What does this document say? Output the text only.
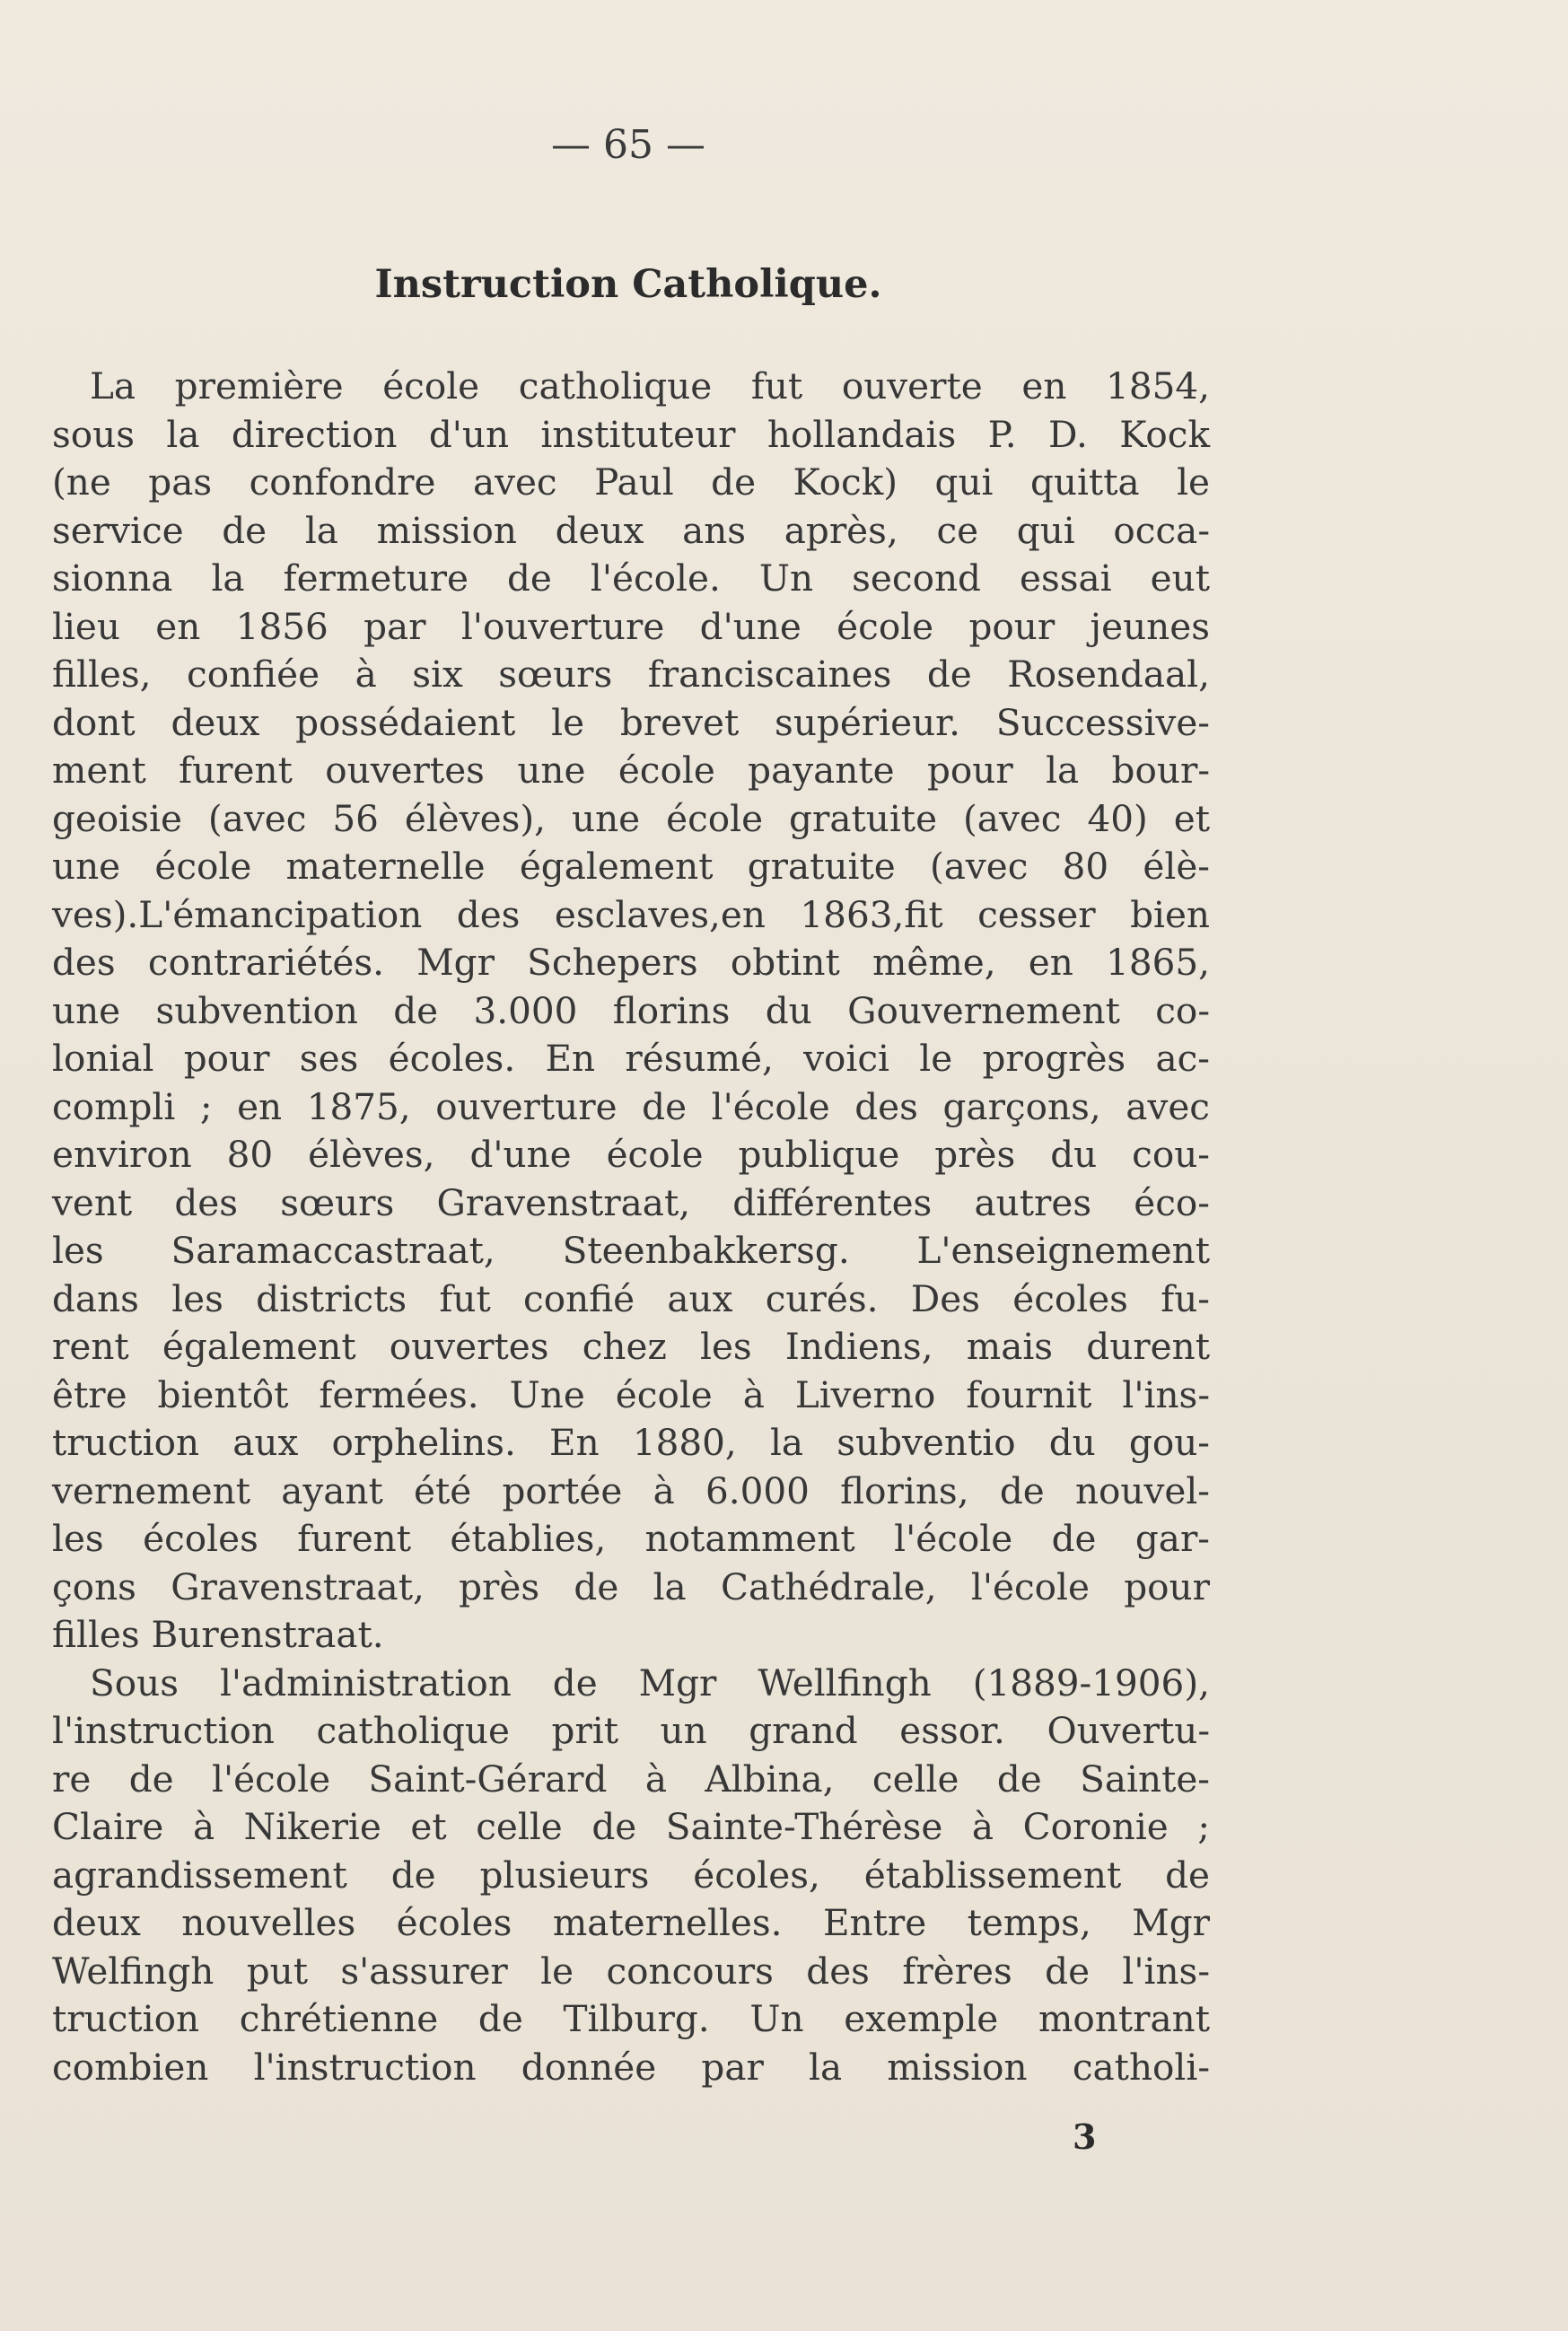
— 65 —
Instruction Catholique.
La première école catholique fut ouverte en 1854,
sous la direction d'un instituteur hollandais P. D. Kock
(ne pas confondre avec Paul de Kock) qui quitta le
service de la mission deux ans après, ce qui occa-
sionna la fermeture de l'école. Un second essai eut
lieu en 1856 par l'ouverture d'une école pour jeunes
filles, confiée à six sœurs franciscaines de Rosendaal,
dont deux possédaient le brevet supérieur. Successive-
ment furent ouvertes une école payante pour la bour-
geoisie (avec 56 élèves), une école gratuite (avec 40) et
une école maternelle également gratuite (avec 80 élè-
ves).L'émancipation des esclaves,en 1863,fit cesser bien
des contrariétés. Mgr Schepers obtint même, en 1865,
une subvention de 3.000 florins du Gouvernement co-
lonial pour ses écoles. En résumé, voici le progrès ac-
compli ; en 1875, ouverture de l'école des garçons, avec
environ 80 élèves, d'une école publique près du cou-
vent des sœurs Gravenstraat, différentes autres éco-
les Saramaccastraat, Steenbakkersg. L'enseignement
dans les districts fut confié aux curés. Des écoles fu-
rent également ouvertes chez les Indiens, mais durent
être bientôt fermées. Une école à Liverno fournit l'ins-
truction aux orphelins. En 1880, la subventio du gou-
vernement ayant été portée à 6.000 florins, de nouvel-
les écoles furent établies, notamment l'école de gar-
çons Gravenstraat, près de la Cathédrale, l'école pour
filles Burenstraat.
Sous l'administration de Mgr Wellfingh (1889-1906),
l'instruction catholique prit un grand essor. Ouvertu-
re de l'école Saint-Gérard à Albina, celle de Sainte-
Claire à Nikerie et celle de Sainte-Thérèse à Coronie ;
agrandissement de plusieurs écoles, établissement de
deux nouvelles écoles maternelles. Entre temps, Mgr
Welfingh put s'assurer le concours des frères de l'ins-
truction chrétienne de Tilburg. Un exemple montrant
combien l'instruction donnée par la mission catholi-
3
